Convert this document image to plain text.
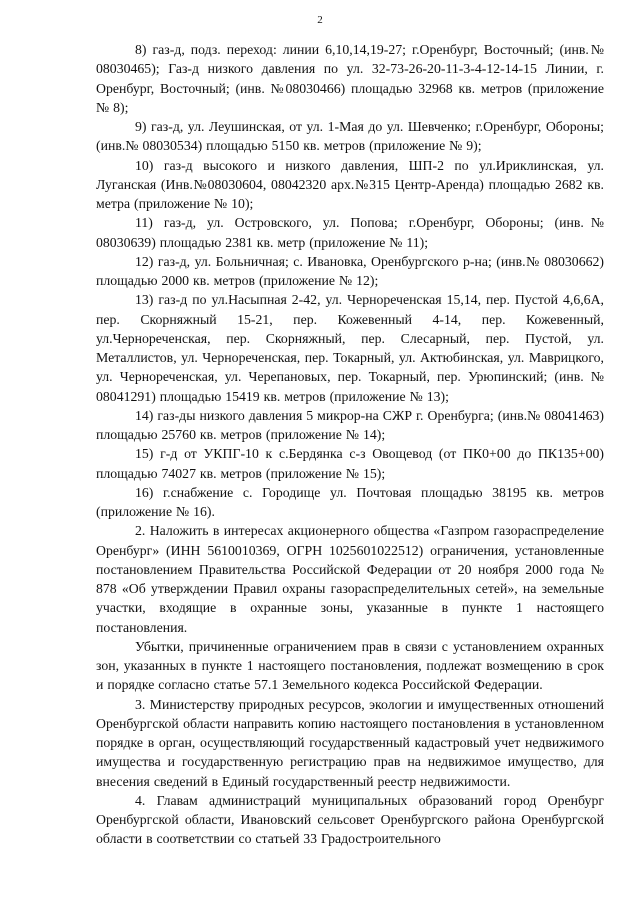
2

8) газ-д, подз. переход: линии 6,10,14,19-27; г.Оренбург, Восточный; (инв.№ 08030465); Газ-д низкого давления по ул. 32-73-26-20-11-3-4-12-14-15 Линии, г. Оренбург, Восточный; (инв. №08030466) площадью 32968 кв. метров (приложение № 8);

9) газ-д, ул. Леушинская, от ул. 1-Мая до ул. Шевченко; г.Оренбург, Обороны; (инв.№ 08030534) площадью 5150 кв. метров (приложение № 9);

10) газ-д высокого и низкого давления, ШП-2 по ул.Ириклинская, ул. Луганская (Инв.№08030604, 08042320 арх.№315 Центр-Аренда) площадью 2682 кв. метра (приложение № 10);

11) газ-д, ул. Островского, ул. Попова; г.Оренбург, Обороны; (инв.№ 08030639) площадью 2381 кв. метр (приложение № 11);

12) газ-д, ул. Больничная; с. Ивановка, Оренбургского р-на; (инв.№ 08030662) площадью 2000 кв. метров (приложение № 12);

13) газ-д по ул.Насыпная 2-42, ул. Черноречeнская 15,14, пер. Пустой 4,6,6А, пер. Скорняжный 15-21, пер. Кожевенный 4-14, пер. Кожевенный, ул.Черноречeнская, пер. Скорняжный, пер. Слесарный, пер. Пустой, ул. Металлистов, ул. Черноречeнская, пер. Токарный, ул. Актюбинская, ул. Маврицкого, ул. Черноречeнская, ул. Черепановых, пер. Токарный, пер. Урюпинский; (инв. № 08041291) площадью 15419 кв. метров (приложение № 13);

14) газ-ды низкого давления 5 микрор-на СЖР г. Оренбурга; (инв.№ 08041463) площадью 25760 кв. метров (приложение № 14);

15) г-д от УКПГ-10 к с.Бердянка с-з Овощевод (от ПК0+00 до ПК135+00) площадью 74027 кв. метров (приложение № 15);

16) г.снабжение с. Городище ул. Почтовая площадью 38195 кв. метров (приложение № 16).

2. Наложить в интересах акционерного общества «Газпром газораспределение Оренбург» (ИНН 5610010369, ОГРН 1025601022512) ограничения, установленные постановлением Правительства Российской Федерации от 20 ноября 2000 года № 878 «Об утверждении Правил охраны газораспределительных сетей», на земельные участки, входящие в охранные зоны, указанные в пункте 1 настоящего постановления.

Убытки, причиненные ограничением прав в связи с установлением охранных зон, указанных в пункте 1 настоящего постановления, подлежат возмещению в срок и порядке согласно статье 57.1 Земельного кодекса Российской Федерации.

3. Министерству природных ресурсов, экологии и имущественных отношений Оренбургской области направить копию настоящего постановления в установленном порядке в орган, осуществляющий государственный кадастровый учет недвижимого имущества и государственную регистрацию прав на недвижимое имущество, для внесения сведений в Единый государственный реестр недвижимости.

4. Главам администраций муниципальных образований город Оренбург Оренбургской области, Ивановский сельсовет Оренбургского района Оренбургской области в соответствии со статьей 33 Градостроительного
